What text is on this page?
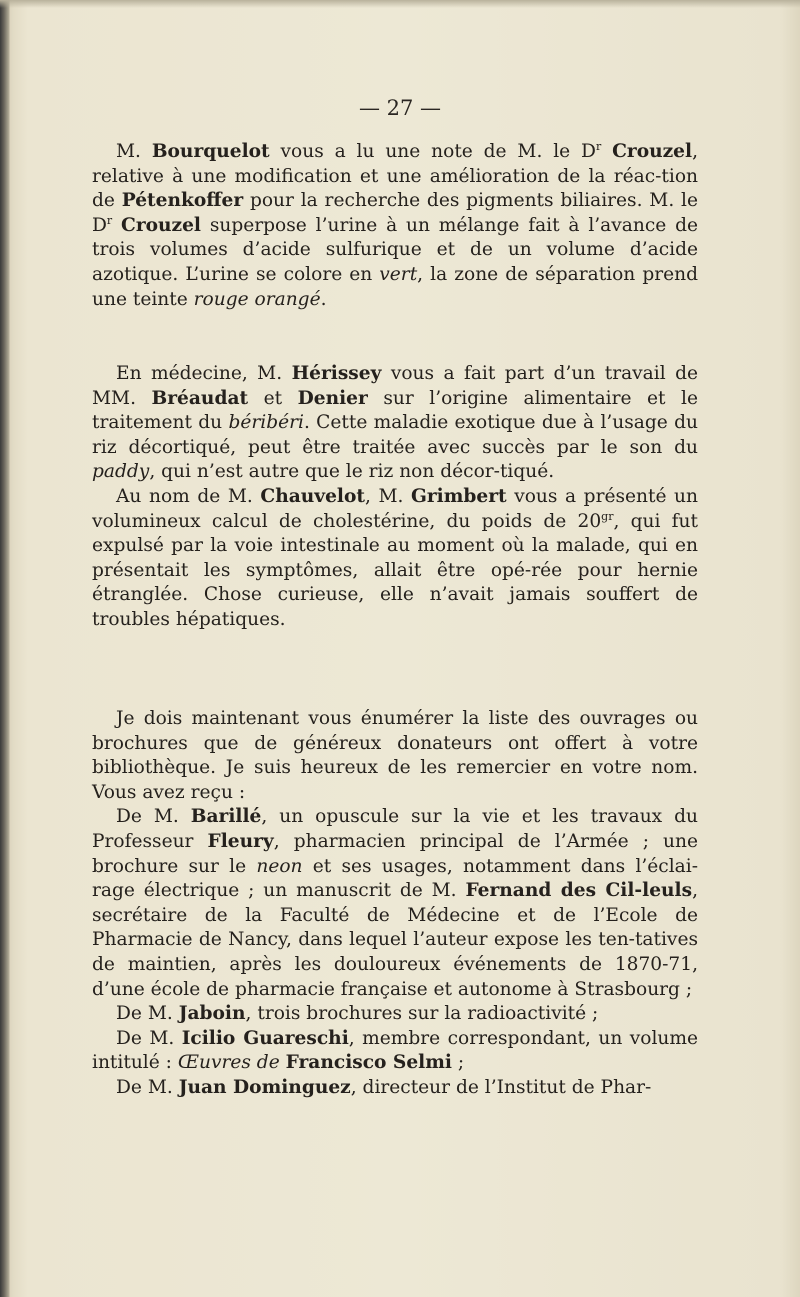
— 27 —

M. Bourquelot vous a lu une note de M. le $D^r$ Crouzel, relative à une modification et une amélioration de la réac-tion de Pétenkoffer pour la recherche des pigments biliaires. M. le $D^r$ Crouzel superpose l’urine à un mélange fait à l’avance de trois volumes d’acide sulfurique et de un volume d’acide azotique. L’urine se colore en vert, la zone de séparation prend une teinte rouge orangé.

En médecine, M. Hérissey vous a fait part d’un travail de MM. Bréaudat et Denier sur l’origine alimentaire et le traitement du béribéri. Cette maladie exotique due à l’usage du riz décortiqué, peut être traitée avec succès par le son du paddy, qui n’est autre que le riz non décor-tiqué.

Au nom de M. Chauvelot, M. Grimbert vous a présenté un volumineux calcul de cholestérine, du poids de $20^{gr}$, qui fut expulsé par la voie intestinale au moment où la malade, qui en présentait les symptômes, allait être opé-rée pour hernie étranglée. Chose curieuse, elle n’avait jamais souffert de troubles hépatiques.

Je dois maintenant vous énumérer la liste des ouvrages ou brochures que de généreux donateurs ont offert à votre bibliothèque. Je suis heureux de les remercier en votre nom. Vous avez reçu :

De M. Barillé, un opuscule sur la vie et les travaux du Professeur Fleury, pharmacien principal de l’Armée ; une brochure sur le neon et ses usages, notamment dans l’éclai-rage électrique ; un manuscrit de M. Fernand des Cil-leuls, secrétaire de la Faculté de Médecine et de l’Ecole de Pharmacie de Nancy, dans lequel l’auteur expose les ten-tatives de maintien, après les douloureux événements de 1870-71, d’une école de pharmacie française et autonome à Strasbourg ;

De M. Jaboin, trois brochures sur la radioactivité ;

De M. Icilio Guareschi, membre correspondant, un volume intitulé : Œuvres de Francisco Selmi ;

De M. Juan Dominguez, directeur de l’Institut de Phar-
